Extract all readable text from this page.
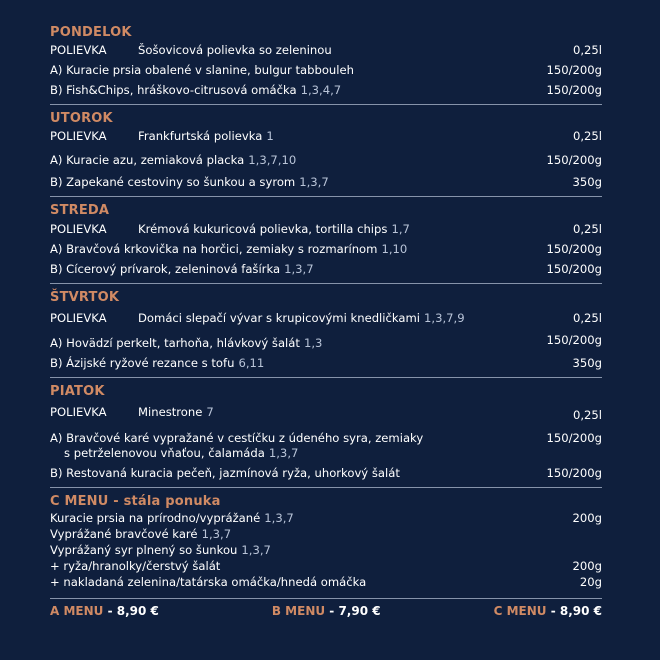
PONDELOK
POLIEVKA	Šošovicová polievka so zeleninou	0,25l
A) Kuracie prsia obalené v slanine, bulgur tabbouleh	150/200g
B) Fish&Chips, hráškovo-citrusová omáčka 1,3,4,7	150/200g
UTOROK
POLIEVKA	Frankfurtská polievka 1	0,25l
A) Kuracie azu, zemiaková placka 1,3,7,10	150/200g
B) Zapekané cestoviny so šunkou a syrom 1,3,7	350g
STREDA
POLIEVKA	Krémová kukuricová polievka, tortilla chips 1,7	0,25l
A) Bravčová krkovička na horčici, zemiaky s rozmarínom 1,10	150/200g
B) Cícerový prívarok, zeleninová fašírka 1,3,7	150/200g
ŠTVRTOK
POLIEVKA	Domáci slepačí vývar s krupicovými knedličkami 1,3,7,9	0,25l
A) Hovädzí perkelt, tarhoňa, hlávkový šalát 1,3	150/200g
B) Ázijské ryžové rezance s tofu 6,11	350g
PIATOK
POLIEVKA	Minestrone 7	0,25l
A) Bravčové karé vypražané v cestíčku z údeného syra, zemiaky
s petrželenovou vňaťou, čalamáda 1,3,7
150/200g
B) Restovaná kuracia pečeň, jazmínová ryža, uhorkový šalát	150/200g
C MENU - stála ponuka
Kuracie prsia na prírodno/vyprážané 1,3,7	200g
Vyprážané bravčové karé 1,3,7
Vyprážaný syr plnený so šunkou 1,3,7
+ ryža/hranolky/čerstvý šalát	200g
+ nakladaná zelenina/tatárska omáčka/hnedá omáčka	20g
A MENU - 8,90 €	B MENU - 7,90 €	C MENU - 8,90 €
